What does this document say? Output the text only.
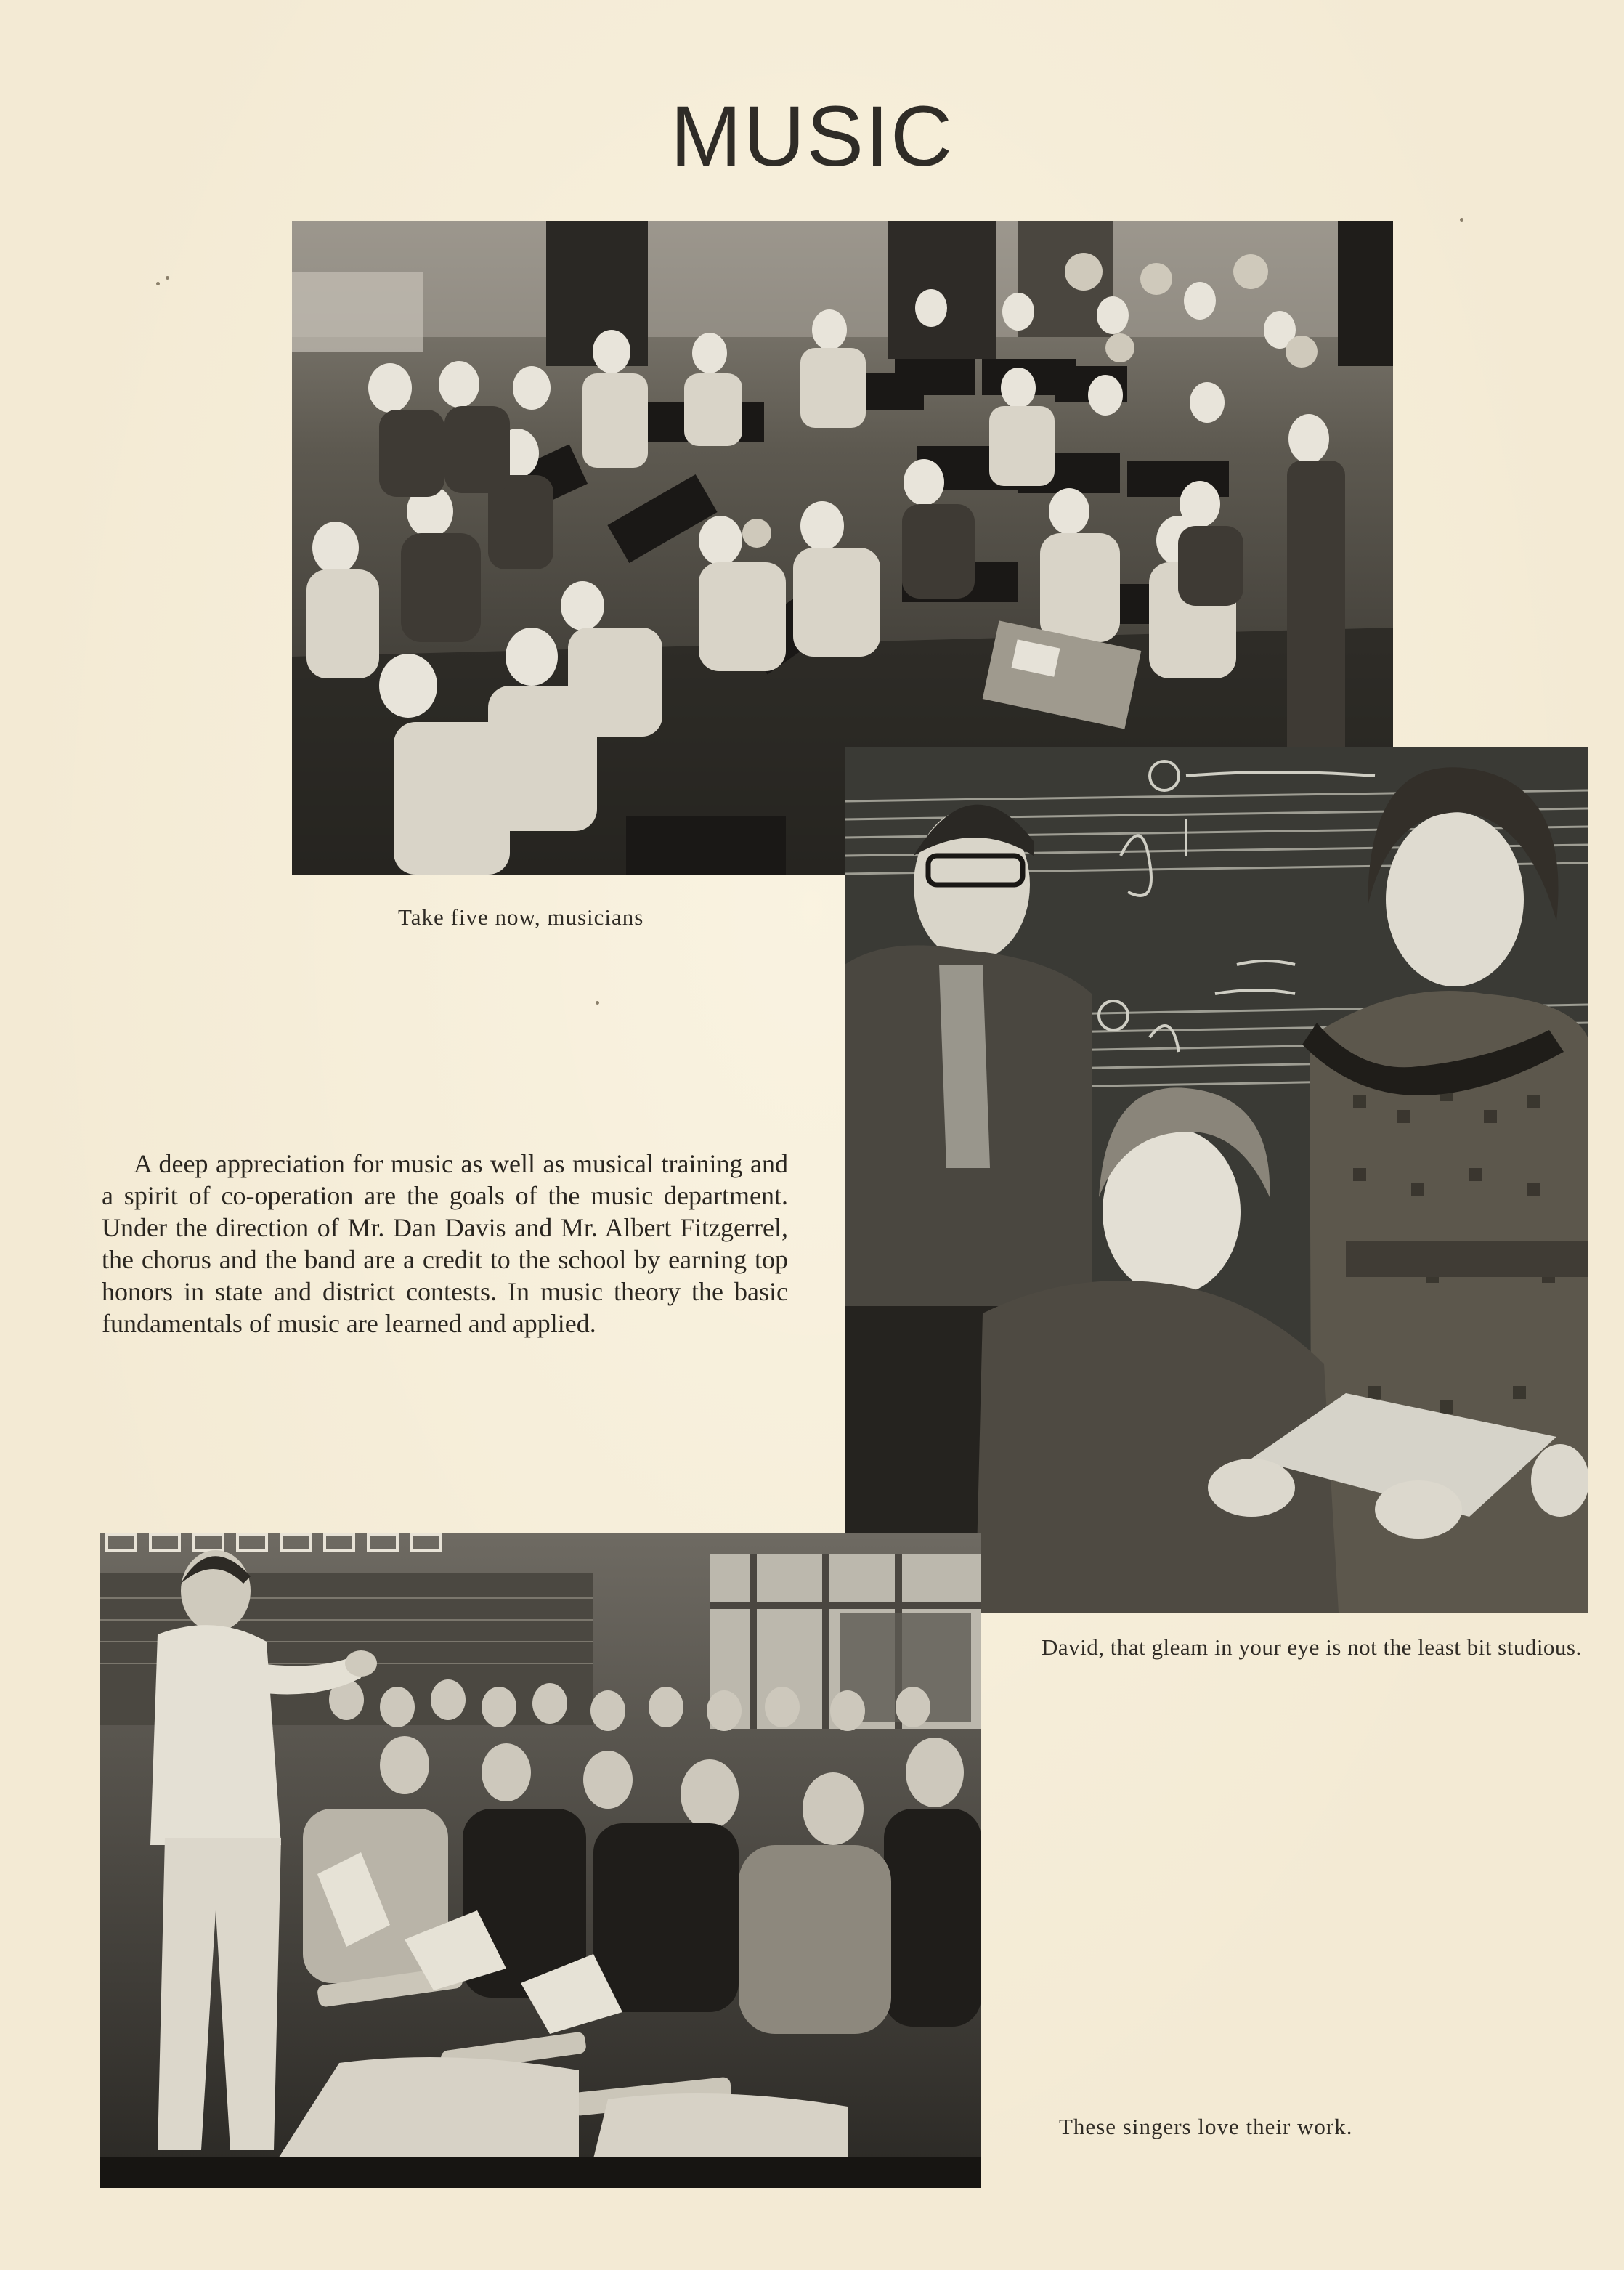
MUSIC
Take five now, musicians
David, that gleam in your eye is not the least bit studious.

A deep appreciation for music as well as musical training and a spirit of co-operation are the goals of the music department. Under the direction of Mr. Dan Davis and Mr. Albert Fitzgerrel, the chorus and the band are a credit to the school by earning top honors in state and district contests. In music theory the basic fundamentals of music are learned and applied.

These singers love their work.
